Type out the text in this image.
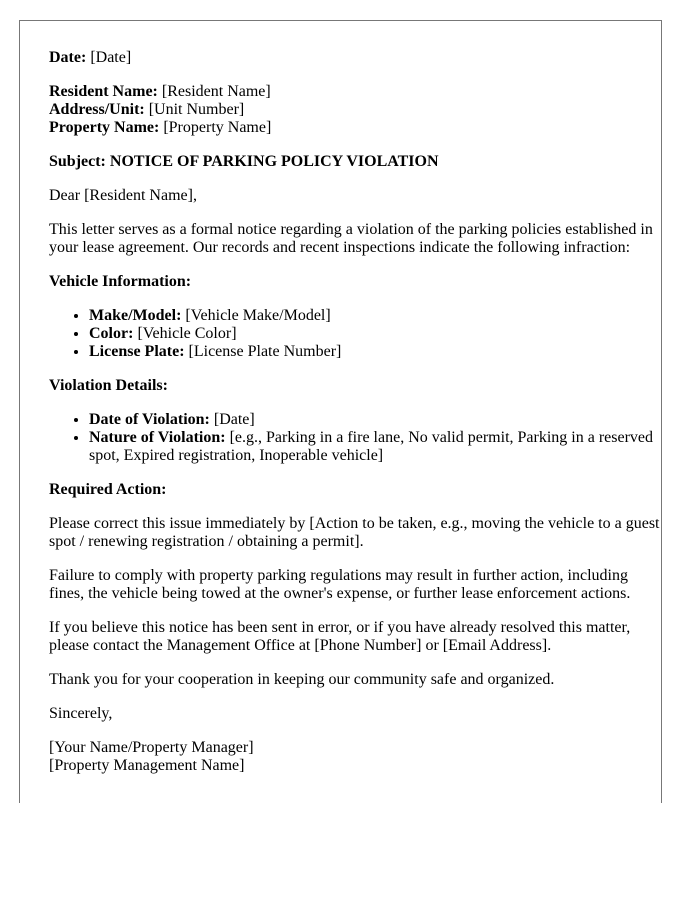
Date: [Date]

Resident Name: [Resident Name]
Address/Unit: [Unit Number]
Property Name: [Property Name]

Subject: NOTICE OF PARKING POLICY VIOLATION

Dear [Resident Name],

This letter serves as a formal notice regarding a violation of the parking policies established in your lease agreement. Our records and recent inspections indicate the following infraction:

Vehicle Information:

• Make/Model: [Vehicle Make/Model]
• Color: [Vehicle Color]
• License Plate: [License Plate Number]

Violation Details:

• Date of Violation: [Date]
• Nature of Violation: [e.g., Parking in a fire lane, No valid permit, Parking in a reserved spot, Expired registration, Inoperable vehicle]

Required Action:

Please correct this issue immediately by [Action to be taken, e.g., moving the vehicle to a guest spot / renewing registration / obtaining a permit].

Failure to comply with property parking regulations may result in further action, including fines, the vehicle being towed at the owner's expense, or further lease enforcement actions.

If you believe this notice has been sent in error, or if you have already resolved this matter, please contact the Management Office at [Phone Number] or [Email Address].

Thank you for your cooperation in keeping our community safe and organized.

Sincerely,

[Your Name/Property Manager]
[Property Management Name]
